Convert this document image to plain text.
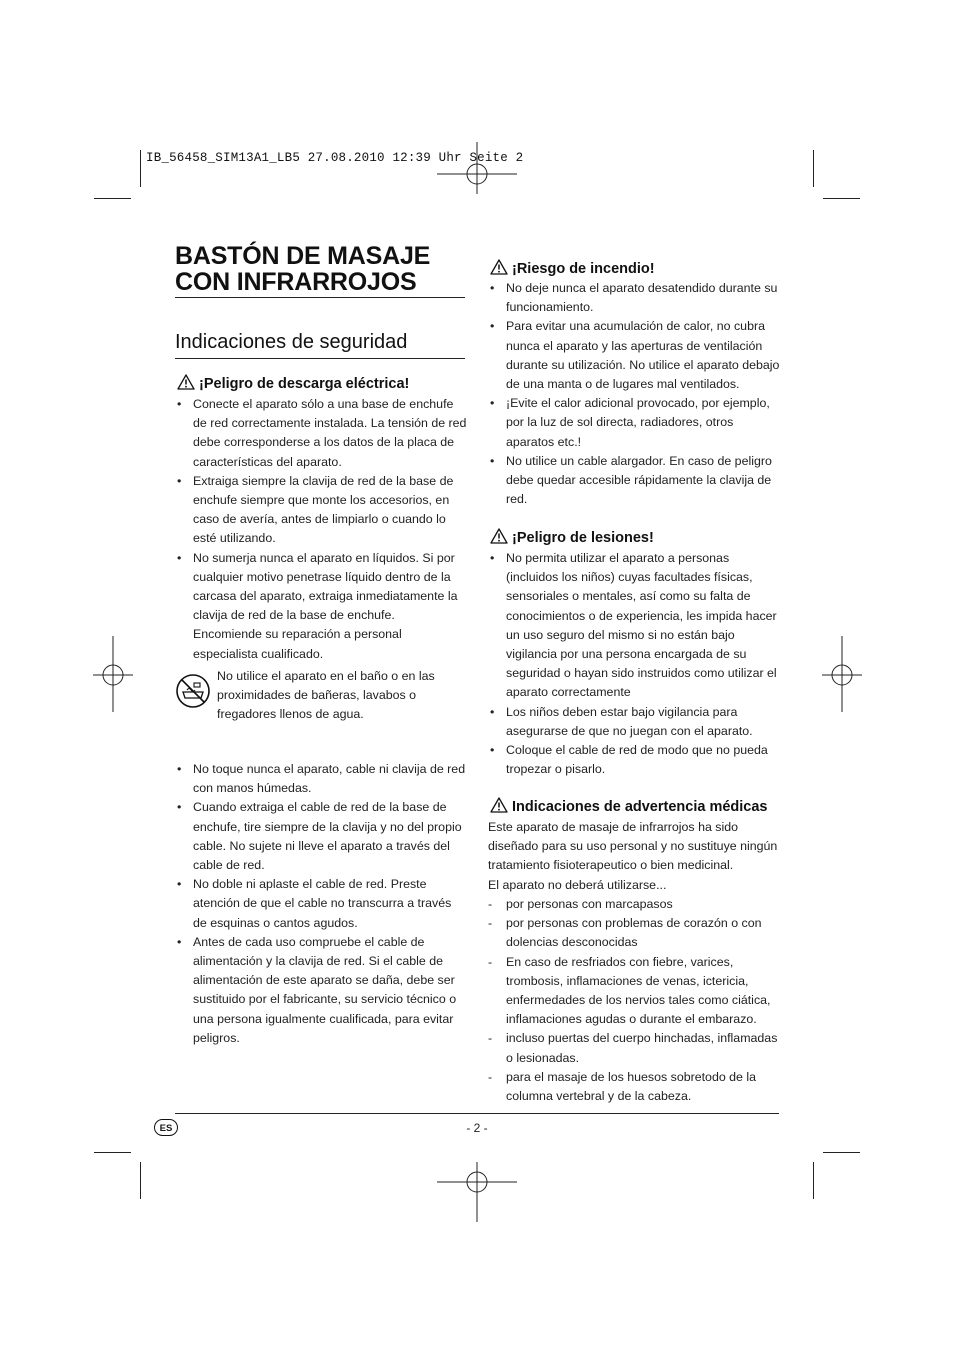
IB_56458_SIM13A1_LB5 27.08.2010 12:39 Uhr Seite 2
BASTÓN DE MASAJE CON INFRARROJOS
Indicaciones de seguridad
¡Peligro de descarga eléctrica!
• Conecte el aparato sólo a una base de enchufe de red correctamente instalada. La tensión de red debe corresponderse a los datos de la placa de características del aparato.
• Extraiga siempre la clavija de red de la base de enchufe siempre que monte los accesorios, en caso de avería, antes de limpiarlo o cuando lo esté utilizando.
• No sumerja nunca el aparato en líquidos. Si por cualquier motivo penetrase líquido dentro de la carcasa del aparato, extraiga inmediatamente la clavija de red de la base de enchufe. Encomiende su reparación a personal especialista cualificado.
No utilice el aparato en el baño o en las proximidades de bañeras, lavabos o fregadores llenos de agua.
• No toque nunca el aparato, cable ni clavija de red con manos húmedas.
• Cuando extraiga el cable de red de la base de enchufe, tire siempre de la clavija y no del propio cable. No sujete ni lleve el aparato a través del cable de red.
• No doble ni aplaste el cable de red. Preste atención de que el cable no transcurra a través de esquinas o cantos agudos.
• Antes de cada uso compruebe el cable de alimentación y la clavija de red. Si el cable de alimentación de este aparato se daña, debe ser sustituido por el fabricante, su servicio técnico o una persona igualmente cualificada, para evitar peligros.
¡Riesgo de incendio!
• No deje nunca el aparato desatendido durante su funcionamiento.
• Para evitar una acumulación de calor, no cubra nunca el aparato y las aperturas de ventilación durante su utilización. No utilice el aparato debajo de una manta o de lugares mal ventilados.
• ¡Evite el calor adicional provocado, por ejemplo, por la luz de sol directa, radiadores, otros aparatos etc.!
• No utilice un cable alargador. En caso de peligro debe quedar accesible rápidamente la clavija de red.
¡Peligro de lesiones!
• No permita utilizar el aparato a personas (incluidos los niños) cuyas facultades físicas, sensoriales o mentales, así como su falta de conocimientos o de experiencia, les impida hacer un uso seguro del mismo si no están bajo vigilancia por una persona encargada de su seguridad o hayan sido instruidos como utilizar el aparato correctamente
• Los niños deben estar bajo vigilancia para asegurarse de que no juegan con el aparato.
• Coloque el cable de red de modo que no pueda tropezar o pisarlo.
Indicaciones de advertencia médicas
Este aparato de masaje de infrarrojos ha sido diseñado para su uso personal y no sustituye ningún tratamiento fisioterapeutico o bien medicinal.
El aparato no deberá utilizarse...
- por personas con marcapasos
- por personas con problemas de corazón o con dolencias desconocidas
- En caso de resfriados con fiebre, varices, trombosis, inflamaciones de venas, ictericia, enfermedades de los nervios tales como ciática, inflamaciones agudas o durante el embarazo.
- incluso puertas del cuerpo hinchadas, inflamadas o lesionadas.
- para el masaje de los huesos sobretodo de la columna vertebral y de la cabeza.
ES	- 2 -
